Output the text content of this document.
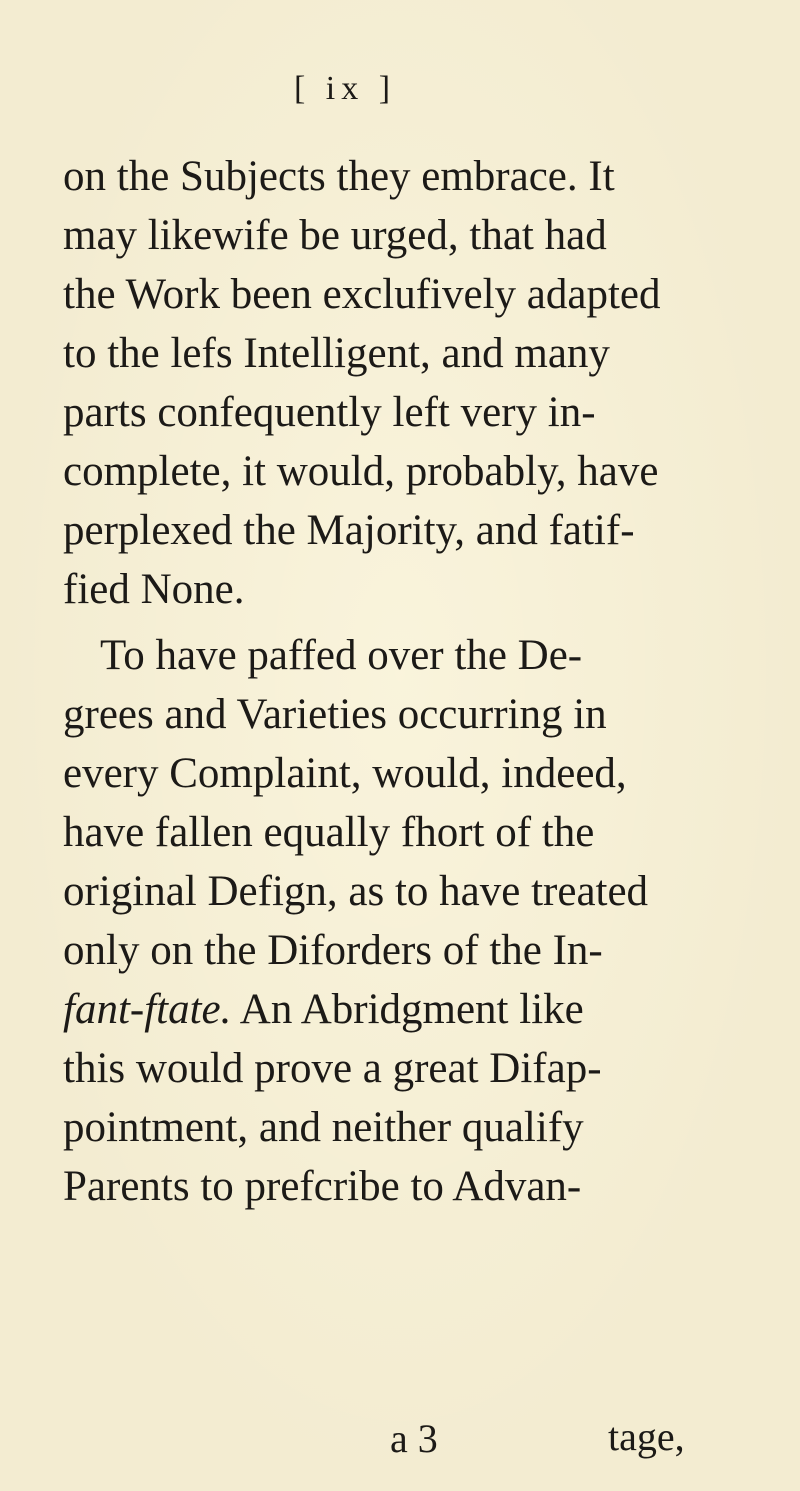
[ ix ]
on the Subjects they embrace. It
may likewife be urged, that had
the Work been exclufively adapted
to the lefs Intelligent, and many
parts confequently left very in-
complete, it would, probably, have
perplexed the Majority, and fatif-
fied None.
To have paffed over the De-
grees and Varieties occurring in
every Complaint, would, indeed,
have fallen equally fhort of the
original Defign, as to have treated
only on the Diforders of the In-
fant-ftate. An Abridgment like
this would prove a great Difap-
pointment, and neither qualify
Parents to prefcribe to Advan-
a 3	tage,
